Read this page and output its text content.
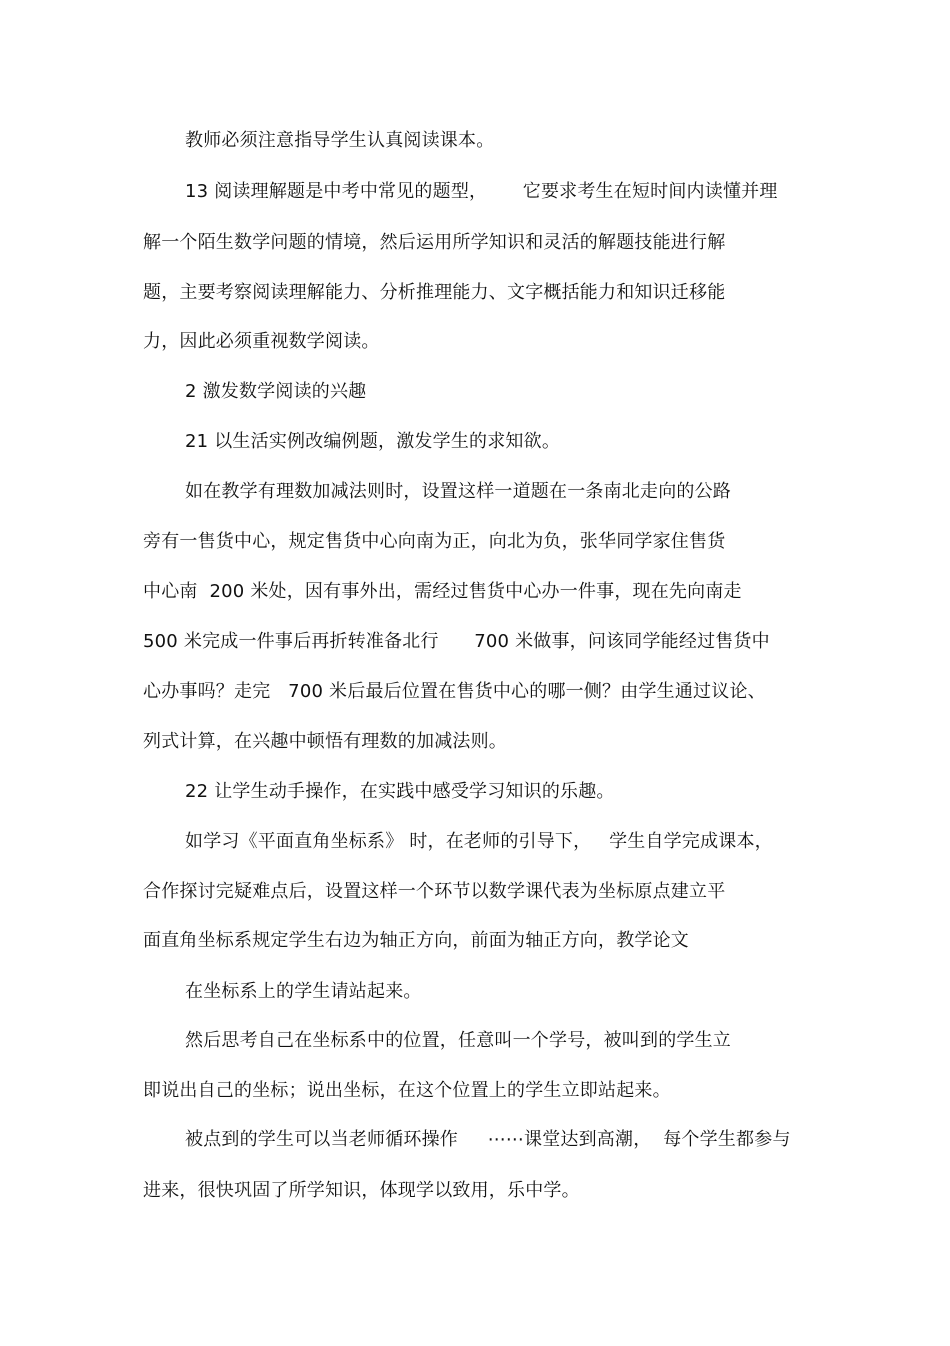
教师必须注意指导学生认真阅读课本。
13 阅读理解题是中考中常见的题型，      它要求考生在短时间内读懂并理
解一个陌生数学问题的情境，然后运用所学知识和灵活的解题技能进行解
题，主要考察阅读理解能力、分析推理能力、文字概括能力和知识迁移能
力，因此必须重视数学阅读。
2 激发数学阅读的兴趣
21 以生活实例改编例题，激发学生的求知欲。
如在教学有理数加减法则时，设置这样一道题在一条南北走向的公路
旁有一售货中心，规定售货中心向南为正，向北为负，张华同学家住售货
中心南  200 米处，因有事外出，需经过售货中心办一件事，现在先向南走
500 米完成一件事后再折转准备北行      700 米做事，问该同学能经过售货中
心办事吗？走完   700 米后最后位置在售货中心的哪一侧？由学生通过议论、
列式计算，在兴趣中顿悟有理数的加减法则。
22 让学生动手操作，在实践中感受学习知识的乐趣。
如学习《平面直角坐标系》 时，在老师的引导下，   学生自学完成课本，
合作探讨完疑难点后，设置这样一个环节以数学课代表为坐标原点建立平
面直角坐标系规定学生右边为轴正方向，前面为轴正方向，教学论文
在坐标系上的学生请站起来。
然后思考自己在坐标系中的位置，任意叫一个学号，被叫到的学生立
即说出自己的坐标；说出坐标，在这个位置上的学生立即站起来。
被点到的学生可以当老师循环操作     ⋯⋯课堂达到高潮，  每个学生都参与
进来，很快巩固了所学知识，体现学以致用，乐中学。
